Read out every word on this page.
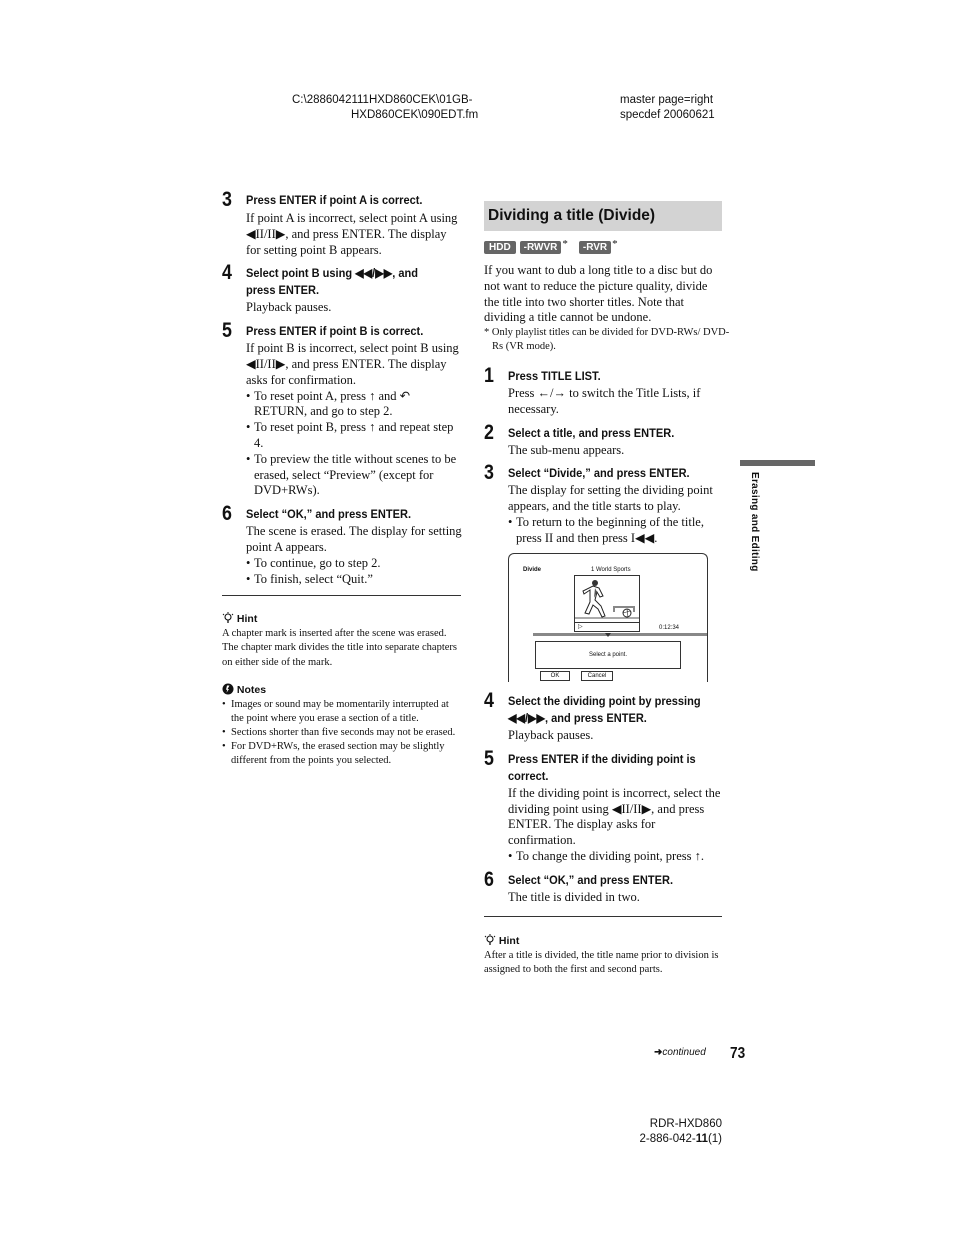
C:\2886042111HXD860CEK\01GB-
HXD860CEK\090EDT.fm
master page=right
specdef 20060621
3 Press ENTER if point A is correct.
If point A is incorrect, select point A using ◀II/II▶, and press ENTER. The display for setting point B appears.
4 Select point B using ◀◀/▶▶, and
press ENTER.
Playback pauses.
5 Press ENTER if point B is correct.
If point B is incorrect, select point B using ◀II/II▶, and press ENTER. The display asks for confirmation.
• To reset point A, press ↑ and ↶ RETURN, and go to step 2.
• To reset point B, press ↑ and repeat step 4.
• To preview the title without scenes to be erased, select “Preview” (except for DVD+RWs).
6 Select “OK,” and press ENTER.
The scene is erased. The display for setting point A appears.
• To continue, go to step 2.
• To finish, select “Quit.”
Hint
A chapter mark is inserted after the scene was erased. The chapter mark divides the title into separate chapters on either side of the mark.
Notes
• Images or sound may be momentarily interrupted at the point where you erase a section of a title.
• Sections shorter than five seconds may not be erased.
• For DVD+RWs, the erased section may be slightly different from the points you selected.
Dividing a title (Divide)
HDD -RWVR * -RVR *
If you want to dub a long title to a disc but do not want to reduce the picture quality, divide the title into two shorter titles. Note that dividing a title cannot be undone.
* Only playlist titles can be divided for DVD-RWs/ DVD-Rs (VR mode).
1 Press TITLE LIST.
Press ←/→ to switch the Title Lists, if necessary.
2 Select a title, and press ENTER.
The sub-menu appears.
3 Select “Divide,” and press ENTER.
The display for setting the dividing point appears, and the title starts to play.
• To return to the beginning of the title, press II and then press I◀◀.
Divide	1 World Sports
▷	0:12:34
Select a point.
OK	Cancel
4 Select the dividing point by pressing
◀◀/▶▶, and press ENTER.
Playback pauses.
5 Press ENTER if the dividing point is
correct.
If the dividing point is incorrect, select the dividing point using ◀II/II▶, and press ENTER. The display asks for confirmation.
• To change the dividing point, press ↑.
6 Select “OK,” and press ENTER.
The title is divided in two.
Hint
After a title is divided, the title name prior to division is assigned to both the first and second parts.
Erasing and Editing
➜continued 73
RDR-HXD860
2-886-042-11(1)
